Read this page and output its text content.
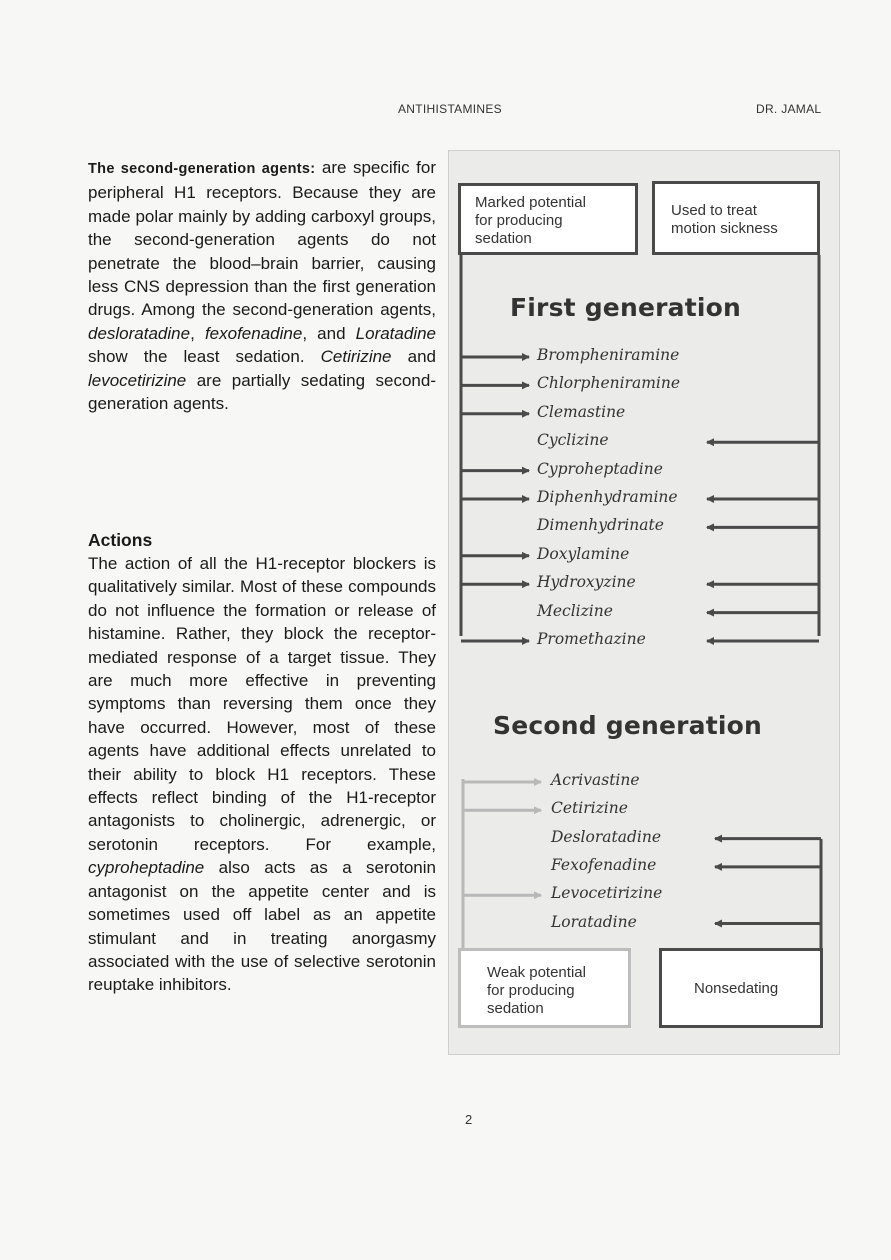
ANTIHISTAMINES	DR. JAMAL

The second-generation agents: are specific for peripheral H1 receptors. Because they are made polar mainly by adding carboxyl groups, the second-generation agents do not penetrate the blood–brain barrier, causing less CNS depression than the first generation drugs. Among the second-generation agents, desloratadine, fexofenadine, and Loratadine show the least sedation. Cetirizine and levocetirizine are partially sedating second-generation agents.

Actions

The action of all the H1-receptor blockers is qualitatively similar. Most of these compounds do not influence the formation or release of histamine. Rather, they block the receptor-mediated response of a target tissue. They are much more effective in preventing symptoms than reversing them once they have occurred. However, most of these agents have additional effects unrelated to their ability to block H1 receptors. These effects reflect binding of the H1-receptor antagonists to cholinergic, adrenergic, or serotonin receptors. For example, cyproheptadine also acts as a serotonin antagonist on the appetite center and is sometimes used off label as an appetite stimulant and in treating anorgasmy associated with the use of selective serotonin reuptake inhibitors.

2
Marked potential
for producing
sedation
Used to treat
motion sickness
First generation
Brompheniramine
Chlorpheniramine
Clemastine
Cyclizine
Cyproheptadine
Diphenhydramine
Dimenhydrinate
Doxylamine
Hydroxyzine
Meclizine
Promethazine
Second generation
Acrivastine
Cetirizine
Desloratadine
Fexofenadine
Levocetirizine
Loratadine
Weak potential
for producing
sedation
Nonsedating
